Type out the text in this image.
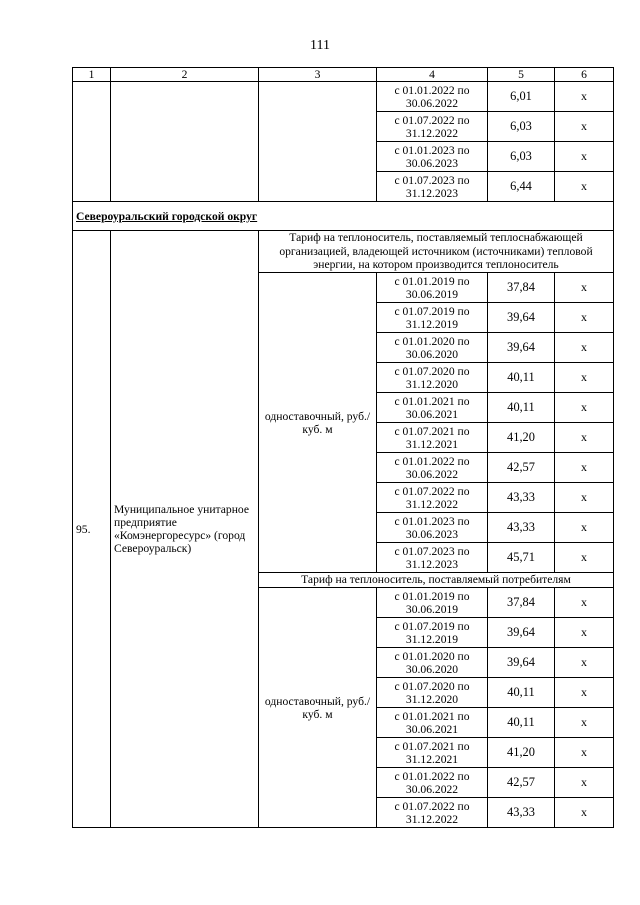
111
1	2	3	4	5	6
			с 01.01.2022 по 30.06.2022	6,01	х
			с 01.07.2022 по 31.12.2022	6,03	х
			с 01.01.2023 по 30.06.2023	6,03	х
			с 01.07.2023 по 31.12.2023	6,44	х
Североуральский городской округ					
95.	Муниципальное унитарное предприятие «Комэнергоресурс» (город Североуральск)	Тариф на теплоноситель, поставляемый теплоснабжающей организацией, владеющей источником (источниками) тепловой энергии, на котором производится теплоноситель			
		одноставочный, руб./куб. м	с 01.01.2019 по 30.06.2019	37,84	х
			с 01.07.2019 по 31.12.2019	39,64	х
			с 01.01.2020 по 30.06.2020	39,64	х
			с 01.07.2020 по 31.12.2020	40,11	х
			с 01.01.2021 по 30.06.2021	40,11	х
			с 01.07.2021 по 31.12.2021	41,20	х
			с 01.01.2022 по 30.06.2022	42,57	х
			с 01.07.2022 по 31.12.2022	43,33	х
			с 01.01.2023 по 30.06.2023	43,33	х
			с 01.07.2023 по 31.12.2023	45,71	х
		Тариф на теплоноситель, поставляемый потребителям			
		одноставочный, руб./куб. м	с 01.01.2019 по 30.06.2019	37,84	х
			с 01.07.2019 по 31.12.2019	39,64	х
			с 01.01.2020 по 30.06.2020	39,64	х
			с 01.07.2020 по 31.12.2020	40,11	х
			с 01.01.2021 по 30.06.2021	40,11	х
			с 01.07.2021 по 31.12.2021	41,20	х
			с 01.01.2022 по 30.06.2022	42,57	х
			с 01.07.2022 по 31.12.2022	43,33	х
